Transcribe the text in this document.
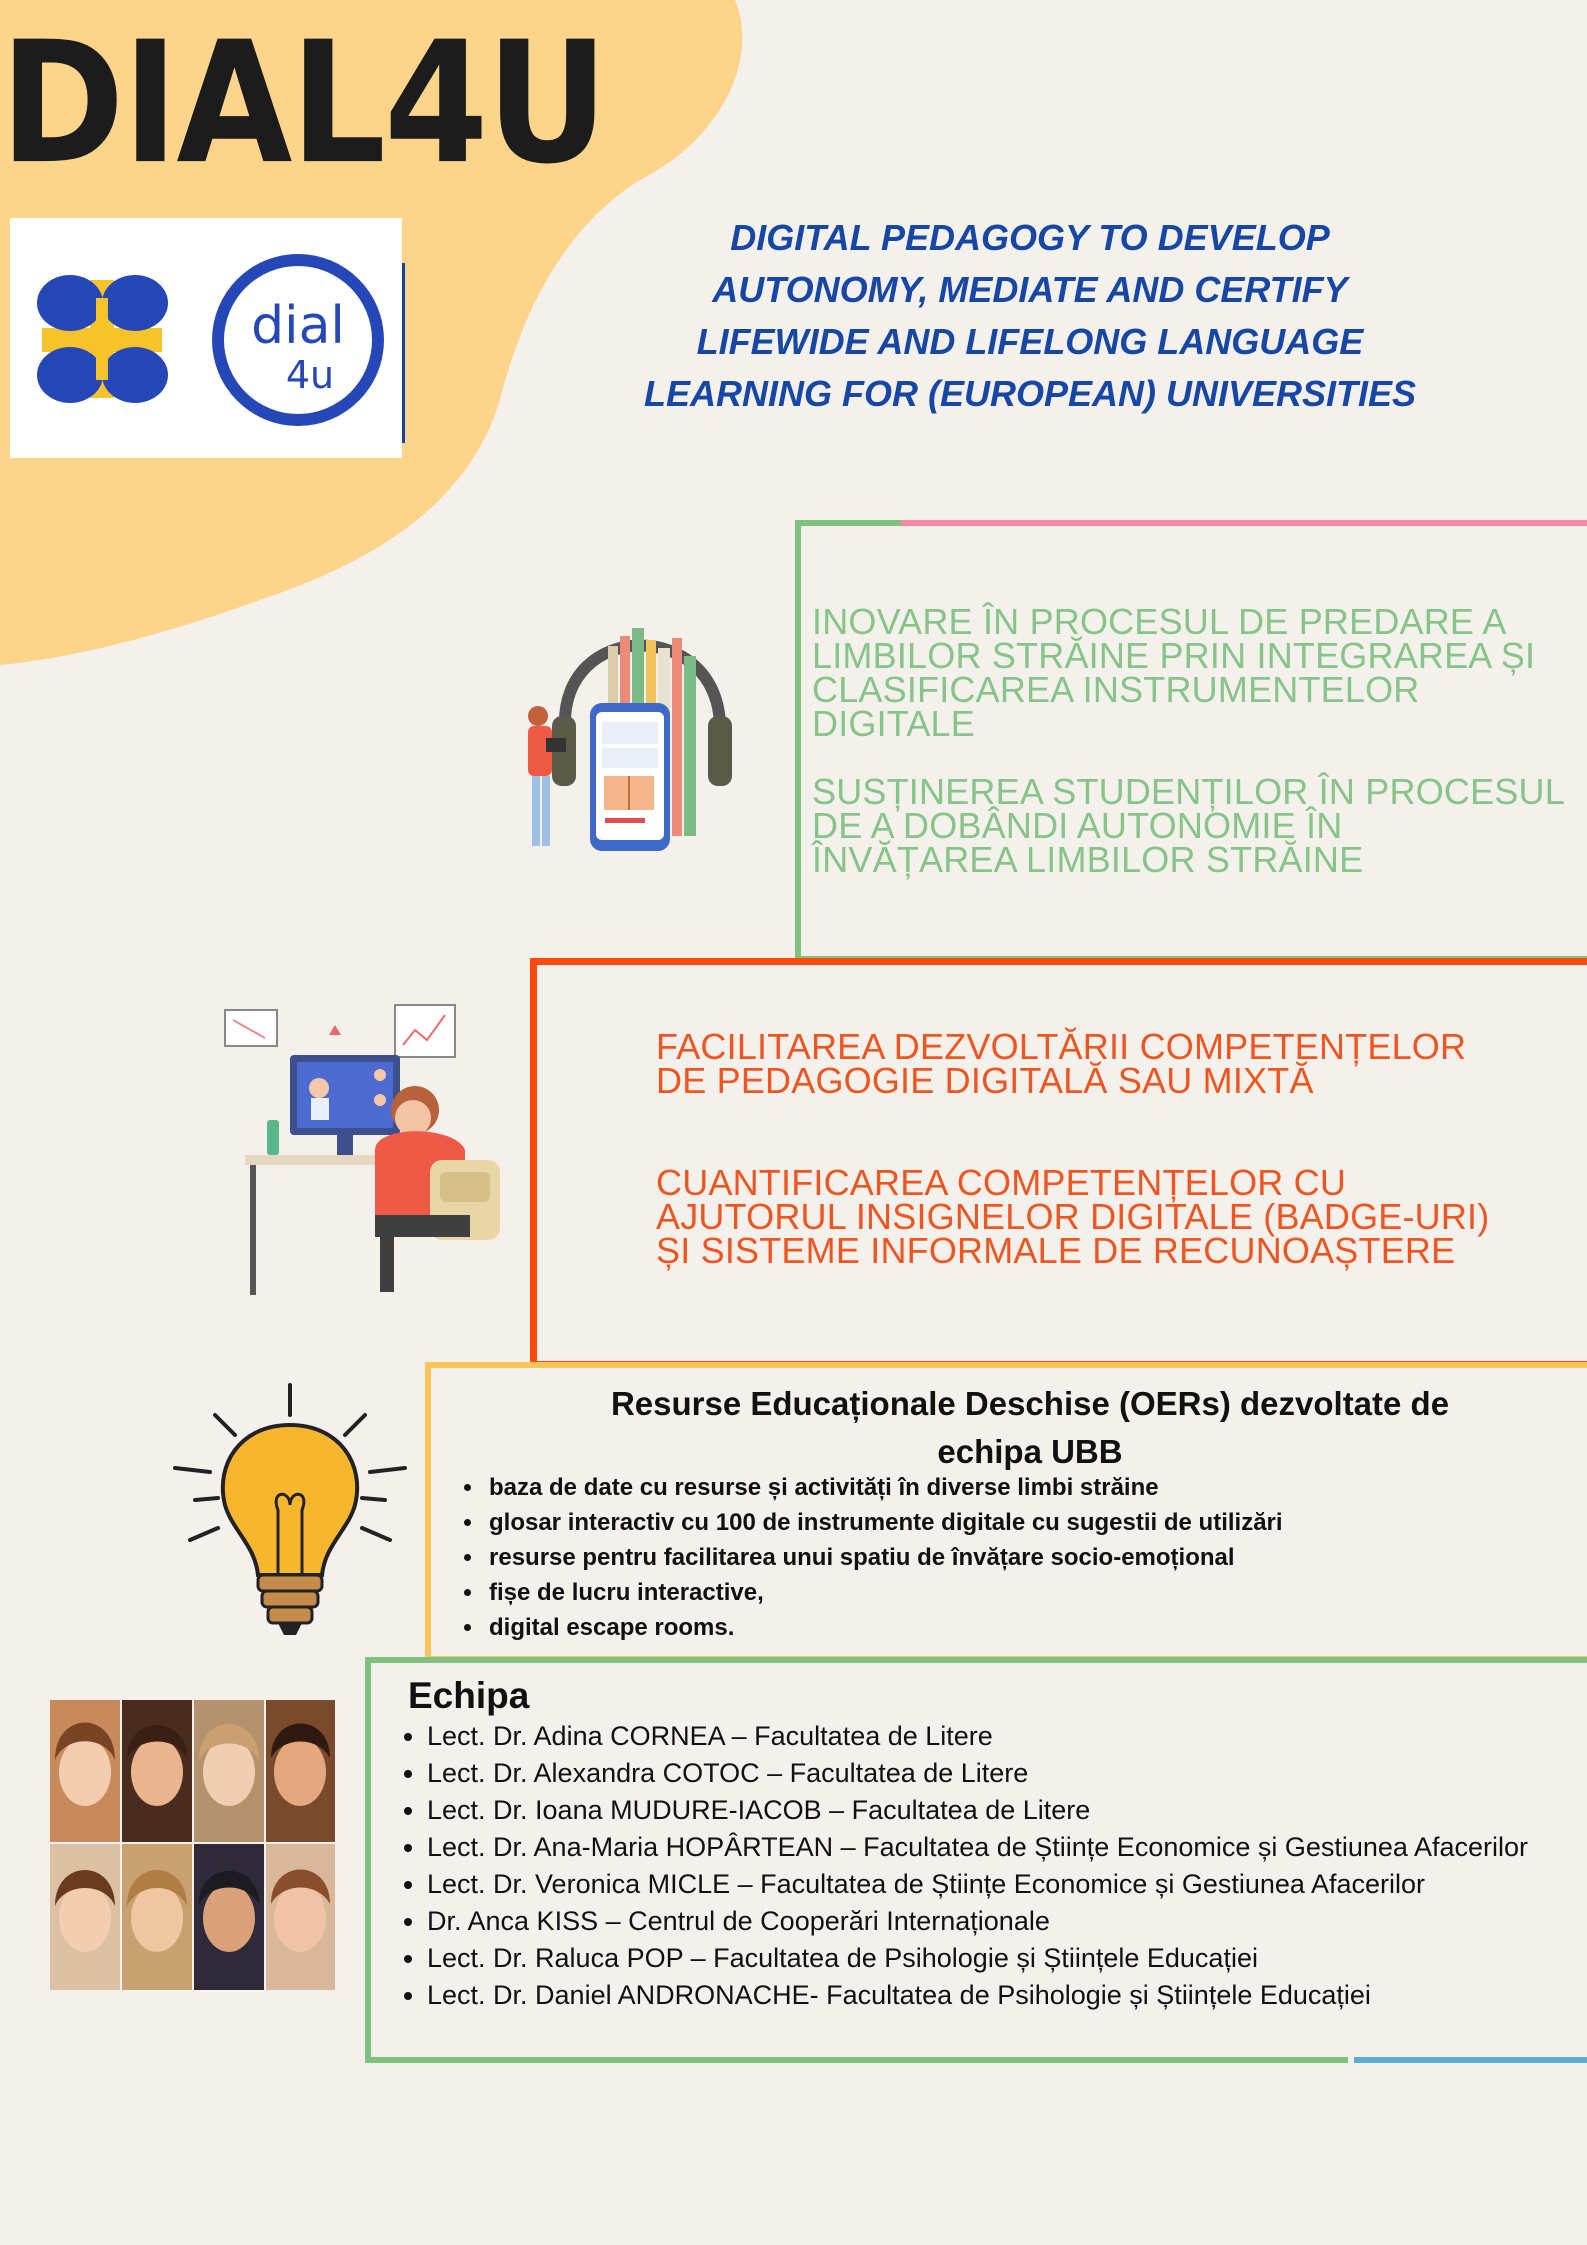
DIAL4U
dial
4u
DIGITAL PEDAGOGY TO DEVELOP
AUTONOMY, MEDIATE AND CERTIFY
LIFEWIDE AND LIFELONG LANGUAGE
LEARNING FOR (EUROPEAN) UNIVERSITIES
INOVARE ÎN PROCESUL DE PREDARE A
LIMBILOR STRĂINE PRIN INTEGRAREA ȘI
CLASIFICAREA INSTRUMENTELOR DIGITALE
SUSȚINEREA STUDENȚILOR ÎN PROCESUL
DE A DOBÂNDI AUTONOMIE ÎN
ÎNVĂȚAREA LIMBILOR STRĂINE
FACILITAREA DEZVOLTĂRII COMPETENȚELOR
DE PEDAGOGIE DIGITALĂ SAU MIXTĂ
CUANTIFICAREA COMPETENȚELOR CU
AJUTORUL INSIGNELOR DIGITALE (BADGE-URI)
ȘI SISTEME INFORMALE DE RECUNOAȘTERE
Resurse Educaționale Deschise (OERs) dezvoltate de echipa UBB
• baza de date cu resurse și activități în diverse limbi străine
• glosar interactiv cu 100 de instrumente digitale cu sugestii de utilizări
• resurse pentru facilitarea unui spatiu de învățare socio-emoțional
• fișe de lucru interactive,
• digital escape rooms.
Echipa
• Lect. Dr. Adina CORNEA – Facultatea de Litere
• Lect. Dr. Alexandra COTOC – Facultatea de Litere
• Lect. Dr. Ioana MUDURE-IACOB – Facultatea de Litere
• Lect. Dr. Ana-Maria HOPÂRTEAN – Facultatea de Științe Economice și Gestiunea Afacerilor
• Lect. Dr. Veronica MICLE – Facultatea de Științe Economice și Gestiunea Afacerilor
• Dr. Anca KISS – Centrul de Cooperări Internaționale
• Lect. Dr. Raluca POP – Facultatea de Psihologie și Științele Educației
• Lect. Dr. Daniel ANDRONACHE- Facultatea de Psihologie și Științele Educației
